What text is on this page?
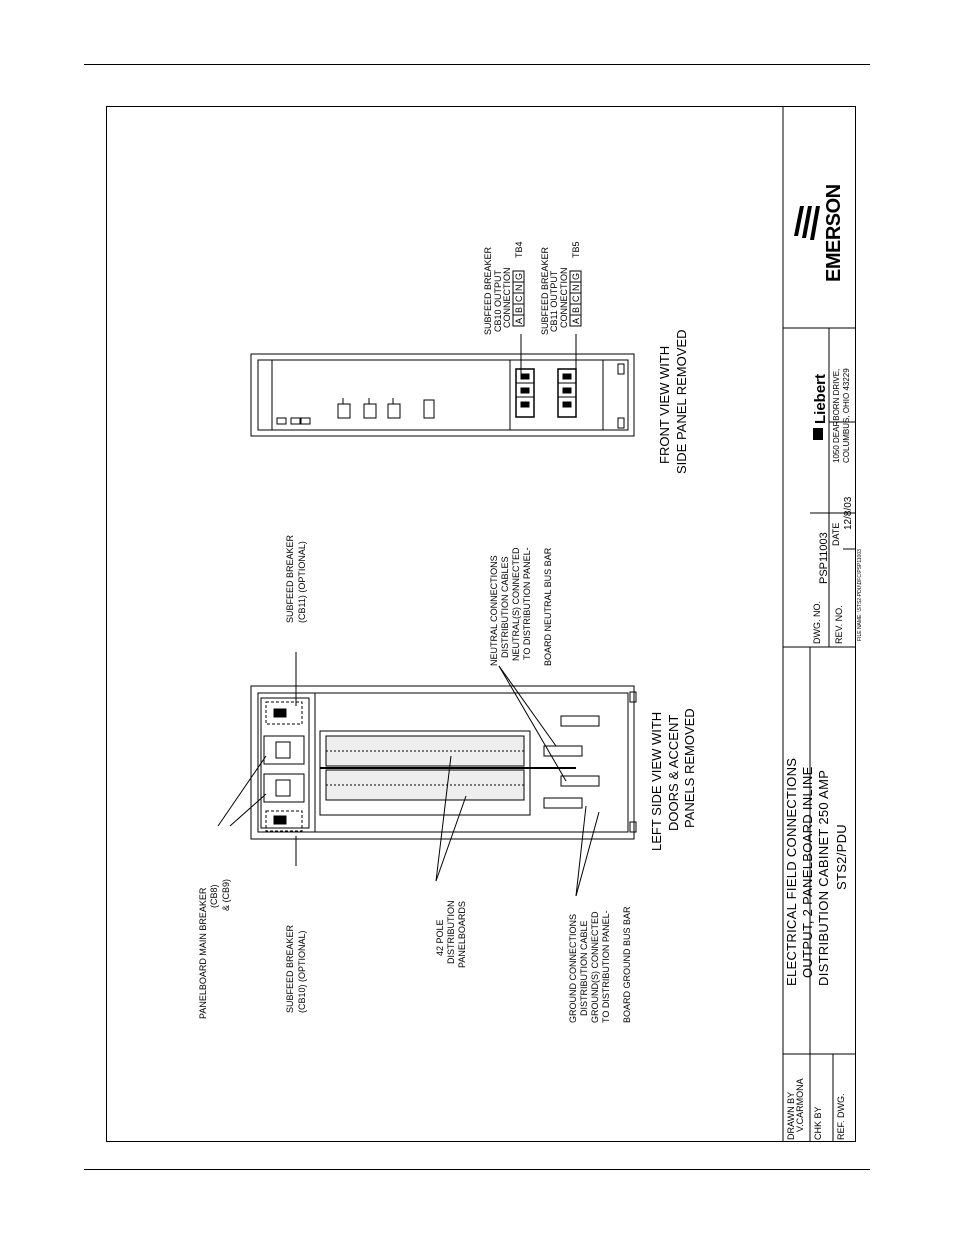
DRAWN BY V.CARMONA CHK BY REF. DWG.
ELECTRICAL FIELD CONNECTIONS OUTPUT, 2 PANELBOARD INLINE DISTRIBUTION CABINET 250 AMP STS2/PDU
DWG. NO.
PSP11003
REV. NO.
DATE
12/8/03
FILE NAME: \STS2-PDU\DFC\PSP11003
Liebert 1050 DEARBORN DRIVE, COLUMBUS, OHIO 43229
EMERSON
SUBFEED BREAKER CB10 OUTPUT CONNECTION A
B
C
N
G
TB4 SUBFEED BREAKER CB11 OUTPUT CONNECTION A
B
C
N
G
TB5
FRONT VIEW WITH SIDE PANEL REMOVED
SUBFEED BREAKER (CB11) (OPTIONAL)
PANELBOARD MAIN BREAKER (CB8) & (CB9)
SUBFEED BREAKER (CB10) (OPTIONAL)	42 POLE DISTRIBUTION PANELBOARDS
NEUTRAL CONNECTIONS DISTRIBUTION CABLES NEUTRAL(S) CONNECTED TO DISTRIBUTION PANEL- BOARD NEUTRAL BUS BAR
GROUND CONNECTIONS DISTRIBUTION CABLE GROUND(S) CONNECTED TO DISTRIBUTION PANEL- BOARD GROUND BUS BAR
LEFT SIDE VIEW WITH DOORS & ACCENT PANELS REMOVED
